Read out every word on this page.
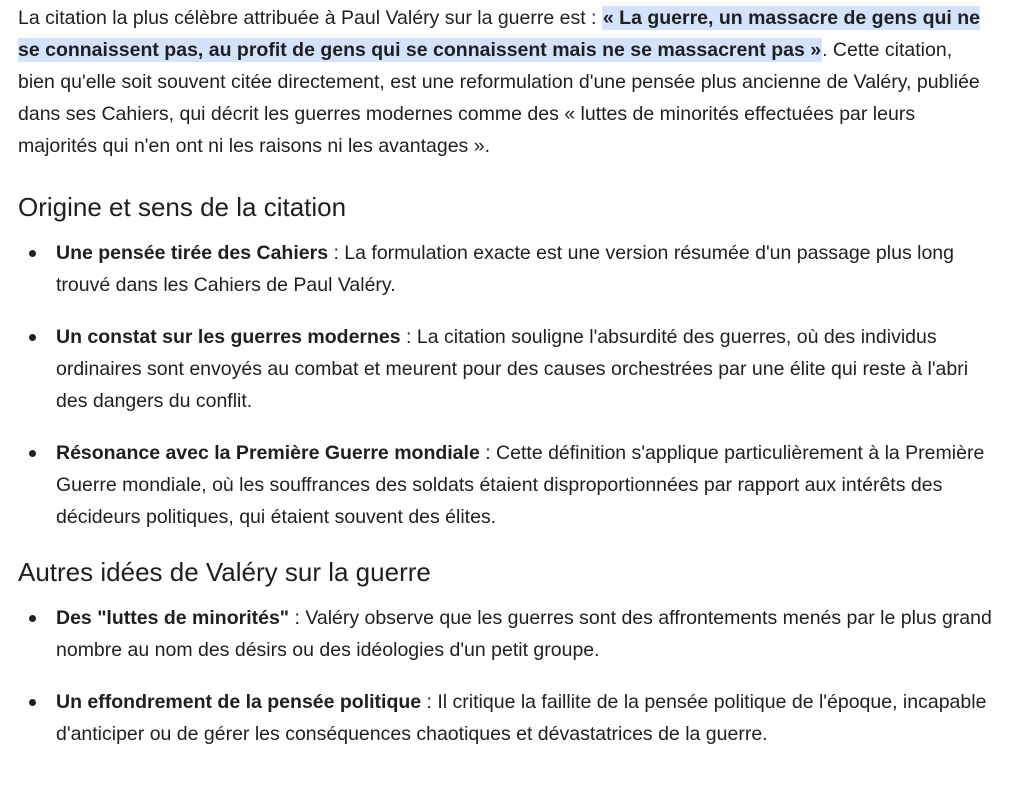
La citation la plus célèbre attribuée à Paul Valéry sur la guerre est : « La guerre, un massacre de gens qui ne se connaissent pas, au profit de gens qui se connaissent mais ne se massacrent pas ». Cette citation, bien qu'elle soit souvent citée directement, est une reformulation d'une pensée plus ancienne de Valéry, publiée dans ses Cahiers, qui décrit les guerres modernes comme des « luttes de minorités effectuées par leurs majorités qui n'en ont ni les raisons ni les avantages ».

Origine et sens de la citation
Une pensée tirée des Cahiers : La formulation exacte est une version résumée d'un passage plus long trouvé dans les Cahiers de Paul Valéry.
Un constat sur les guerres modernes : La citation souligne l'absurdité des guerres, où des individus ordinaires sont envoyés au combat et meurent pour des causes orchestrées par une élite qui reste à l'abri des dangers du conflit.
Résonance avec la Première Guerre mondiale : Cette définition s'applique particulièrement à la Première Guerre mondiale, où les souffrances des soldats étaient disproportionnées par rapport aux intérêts des décideurs politiques, qui étaient souvent des élites.
Autres idées de Valéry sur la guerre
Des "luttes de minorités" : Valéry observe que les guerres sont des affrontements menés par le plus grand nombre au nom des désirs ou des idéologies d'un petit groupe.
Un effondrement de la pensée politique : Il critique la faillite de la pensée politique de l'époque, incapable d'anticiper ou de gérer les conséquences chaotiques et dévastatrices de la guerre.
